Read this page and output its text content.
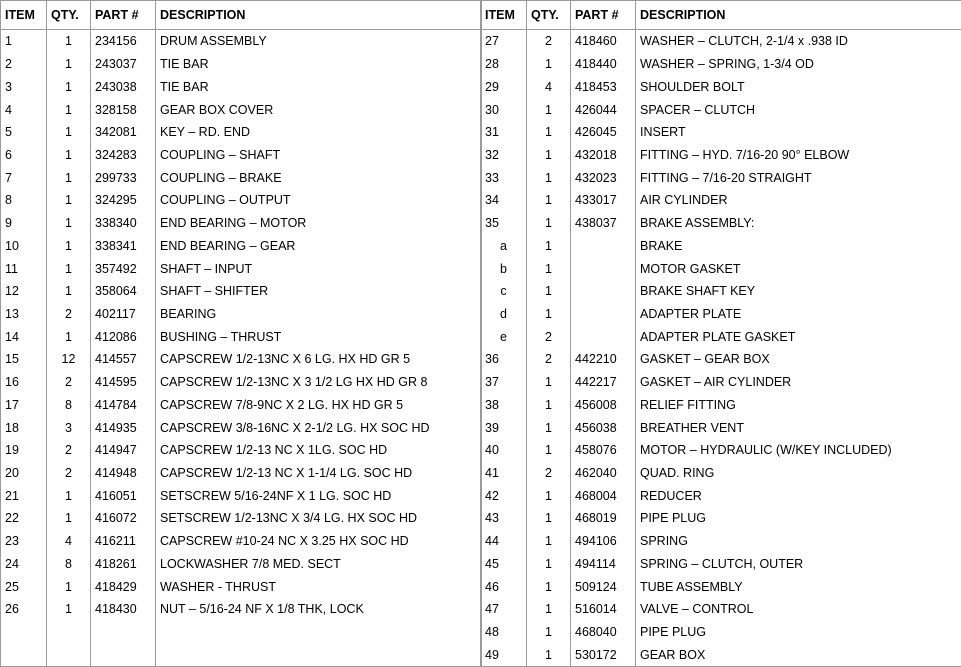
ITEM	QTY.	PART #	DESCRIPTION
1	1	234156	DRUM ASSEMBLY
2	1	243037	TIE BAR
3	1	243038	TIE BAR
4	1	328158	GEAR BOX COVER
5	1	342081	KEY – RD. END
6	1	324283	COUPLING – SHAFT
7	1	299733	COUPLING – BRAKE
8	1	324295	COUPLING – OUTPUT
9	1	338340	END BEARING – MOTOR
10	1	338341	END BEARING – GEAR
11	1	357492	SHAFT – INPUT
12	1	358064	SHAFT – SHIFTER
13	2	402117	BEARING
14	1	412086	BUSHING – THRUST
15	12	414557	CAPSCREW 1/2-13NC X 6 LG. HX HD GR 5
16	2	414595	CAPSCREW 1/2-13NC X 3 1/2 LG HX HD GR 8
17	8	414784	CAPSCREW 7/8-9NC X 2 LG. HX HD GR 5
18	3	414935	CAPSCREW 3/8-16NC X 2-1/2 LG. HX SOC HD
19	2	414947	CAPSCREW 1/2-13 NC X 1LG. SOC HD
20	2	414948	CAPSCREW 1/2-13 NC X 1-1/4 LG. SOC HD
21	1	416051	SETSCREW 5/16-24NF X 1 LG. SOC HD
22	1	416072	SETSCREW 1/2-13NC X 3/4 LG. HX SOC HD
23	4	416211	CAPSCREW #10-24 NC X 3.25 HX SOC HD
24	8	418261	LOCKWASHER 7/8 MED. SECT
25	1	418429	WASHER - THRUST
26	1	418430	NUT – 5/16-24 NF X 1/8 THK, LOCK

ITEM	QTY.	PART #	DESCRIPTION
27	2	418460	WASHER – CLUTCH, 2-1/4 x .938 ID
28	1	418440	WASHER – SPRING, 1-3/4 OD
29	4	418453	SHOULDER BOLT
30	1	426044	SPACER – CLUTCH
31	1	426045	INSERT
32	1	432018	FITTING – HYD. 7/16-20 90° ELBOW
33	1	432023	FITTING – 7/16-20 STRAIGHT
34	1	433017	AIR CYLINDER
35	1	438037	BRAKE ASSEMBLY:
a	1		BRAKE
b	1		MOTOR GASKET
c	1		BRAKE SHAFT KEY
d	1		ADAPTER PLATE
e	2		ADAPTER PLATE GASKET
36	2	442210	GASKET – GEAR BOX
37	1	442217	GASKET – AIR CYLINDER
38	1	456008	RELIEF FITTING
39	1	456038	BREATHER VENT
40	1	458076	MOTOR – HYDRAULIC (W/KEY INCLUDED)
41	2	462040	QUAD. RING
42	1	468004	REDUCER
43	1	468019	PIPE PLUG
44	1	494106	SPRING
45	1	494114	SPRING – CLUTCH, OUTER
46	1	509124	TUBE ASSEMBLY
47	1	516014	VALVE – CONTROL
48	1	468040	PIPE PLUG
49	1	530172	GEAR BOX
